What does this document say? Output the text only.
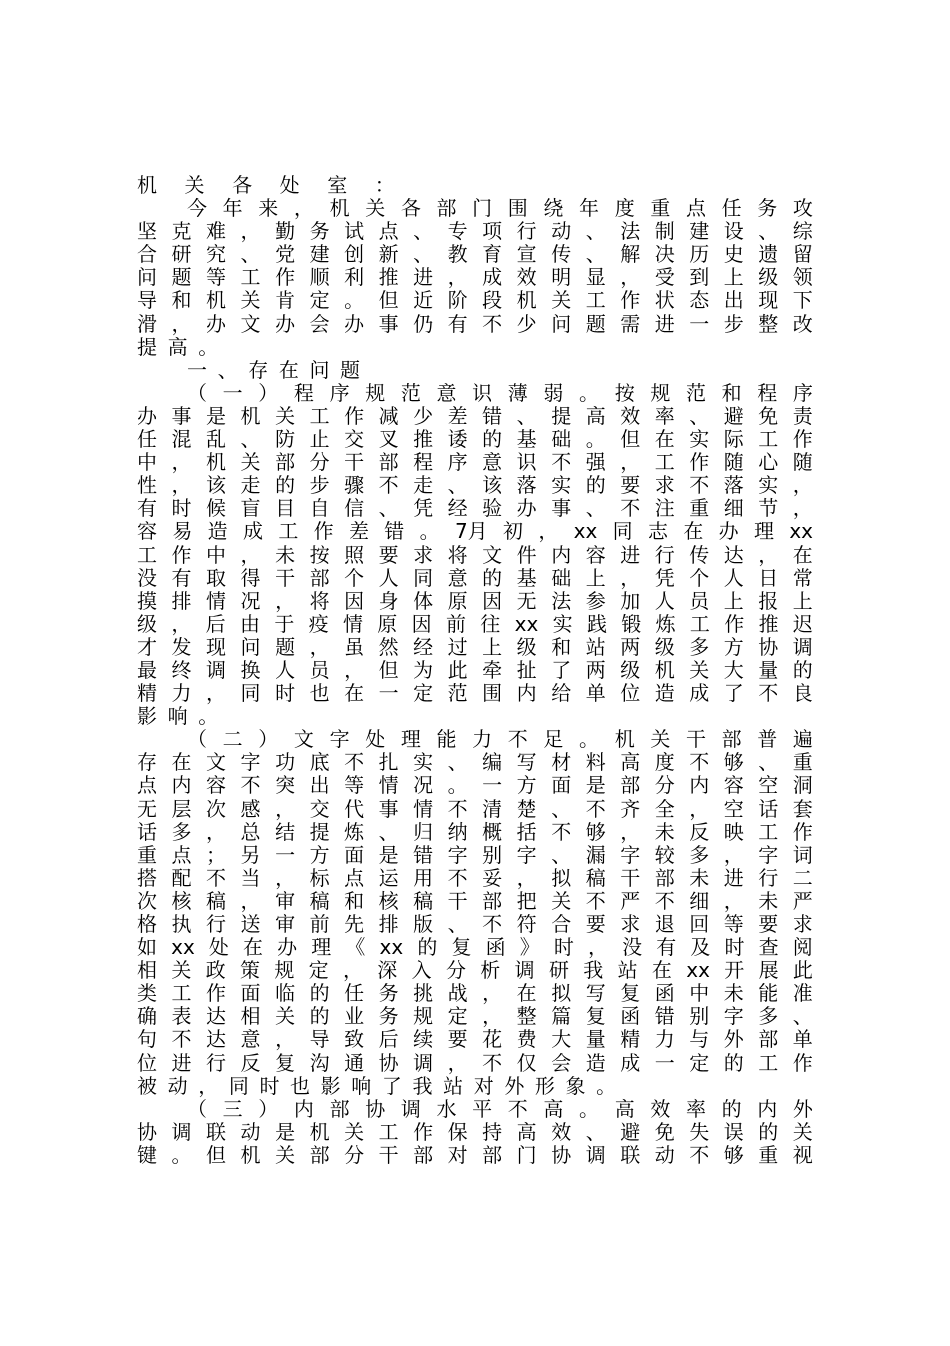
机 关 各 处 室 ：
今 年 来 ， 机 关 各 部 门 围 绕 年 度 重 点 任 务 攻
坚 克 难 ， 勤 务 试 点 、 专 项 行 动 、 法 制 建 设 、 综
合 研 究 、 党 建 创 新 、 教 育 宣 传 、 解 决 历 史 遗 留
问 题 等 工 作 顺 利 推 进 ， 成 效 明 显 ， 受 到 上 级 领
导 和 机 关 肯 定 。 但 近 阶 段 机 关 工 作 状 态 出 现 下
滑 ， 办 文 办 会 办 事 仍 有 不 少 问 题 需 进 一 步 整 改
提 高 。
一 、 存 在 问 题
（ 一 ） 程 序 规 范 意 识 薄 弱 。 按 规 范 和 程 序
办 事 是 机 关 工 作 减 少 差 错 、 提 高 效 率 、 避 免 责
任 混 乱 、 防 止 交 叉 推 诿 的 基 础 。 但 在 实 际 工 作
中 ， 机 关 部 分 干 部 程 序 意 识 不 强 ， 工 作 随 心 随
性 ， 该 走 的 步 骤 不 走 、 该 落 实 的 要 求 不 落 实 ，
有 时 候 盲 目 自 信 、 凭 经 验 办 事 、 不 注 重 细 节 ，
容 易 造 成 工 作 差 错 。 7月 初 ， xx 同 志 在 办 理 xx
工 作 中 ， 未 按 照 要 求 将 文 件 内 容 进 行 传 达 ， 在
没 有 取 得 干 部 个 人 同 意 的 基 础 上 ， 凭 个 人 日 常
摸 排 情 况 ， 将 因 身 体 原 因 无 法 参 加 人 员 上 报 上
级 ， 后 由 于 疫 情 原 因 前 往 xx 实 践 锻 炼 工 作 推 迟
才 发 现 问 题 ， 虽 然 经 过 上 级 和 站 两 级 多 方 协 调
最 终 调 换 人 员 ， 但 为 此 牵 扯 了 两 级 机 关 大 量 的
精 力 ， 同 时 也 在 一 定 范 围 内 给 单 位 造 成 了 不 良
影 响 。
（ 二 ） 文 字 处 理 能 力 不 足 。 机 关 干 部 普 遍
存 在 文 字 功 底 不 扎 实 、 编 写 材 料 高 度 不 够 、 重
点 内 容 不 突 出 等 情 况 。 一 方 面 是 部 分 内 容 空 洞
无 层 次 感 ， 交 代 事 情 不 清 楚 、 不 齐 全 ， 空 话 套
话 多 ， 总 结 提 炼 、 归 纳 概 括 不 够 ， 未 反 映 工 作
重 点 ； 另 一 方 面 是 错 字 别 字 、 漏 字 较 多 ， 字 词
搭 配 不 当 ， 标 点 运 用 不 妥 ， 拟 稿 干 部 未 进 行 二
次 核 稿 ， 审 稿 和 核 稿 干 部 把 关 不 严 不 细 ， 未 严
格 执 行 送 审 前 先 排 版 、 不 符 合 要 求 退 回 等 要 求
如 xx 处 在 办 理 《 xx 的 复 函 》 时 ， 没 有 及 时 查 阅
相 关 政 策 规 定 ， 深 入 分 析 调 研 我 站 在 xx 开 展 此
类 工 作 面 临 的 任 务 挑 战 ， 在 拟 写 复 函 中 未 能 准
确 表 达 相 关 的 业 务 规 定 ， 整 篇 复 函 错 别 字 多 、
句 不 达 意 ， 导 致 后 续 要 花 费 大 量 精 力 与 外 部 单
位 进 行 反 复 沟 通 协 调 ， 不 仅 会 造 成 一 定 的 工 作
被 动 ， 同 时 也 影 响 了 我 站 对 外 形 象 。
（ 三 ） 内 部 协 调 水 平 不 高 。 高 效 率 的 内 外
协 调 联 动 是 机 关 工 作 保 持 高 效 、 避 免 失 误 的 关
键 。 但 机 关 部 分 干 部 对 部 门 协 调 联 动 不 够 重 视
